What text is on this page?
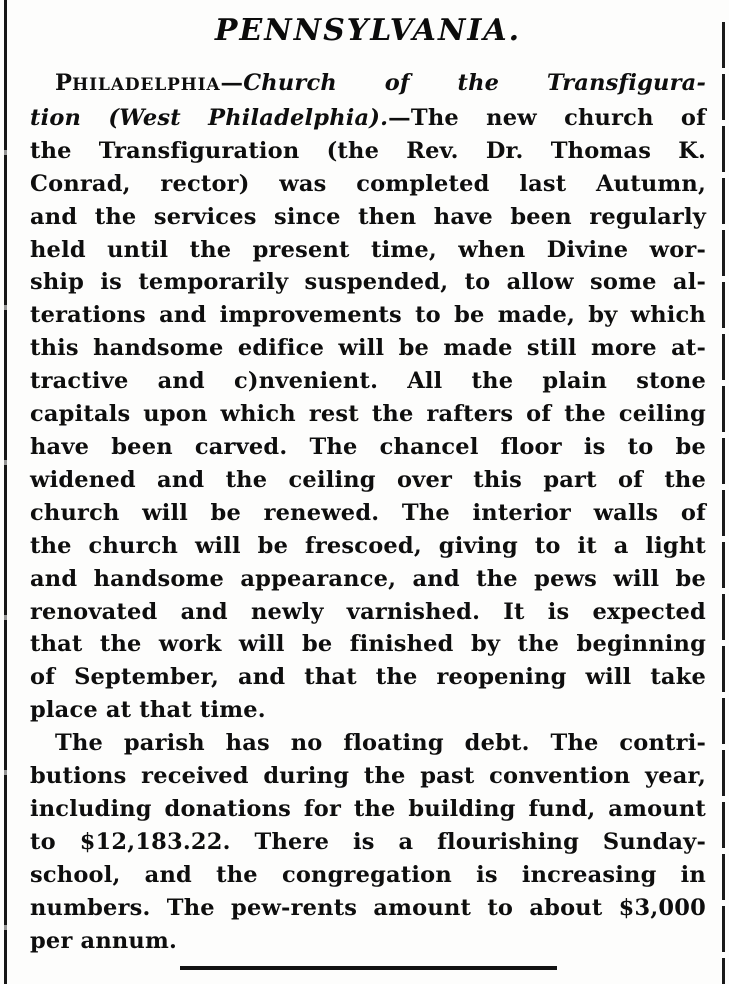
PENNSYLVANIA.
PHILADELPHIA—Church of the Transfigura-
tion (West Philadelphia).—The new church of
the Transfiguration (the Rev. Dr. Thomas K.
Conrad, rector) was completed last Autumn,
and the services since then have been regularly
held until the present time, when Divine wor-
ship is temporarily suspended, to allow some al-
terations and improvements to be made, by which
this handsome edifice will be made still more at-
tractive and c)nvenient. All the plain stone
capitals upon which rest the rafters of the ceiling
have been carved. The chancel floor is to be
widened and the ceiling over this part of the
church will be renewed. The interior walls of
the church will be frescoed, giving to it a light
and handsome appearance, and the pews will be
renovated and newly varnished. It is expected
that the work will be finished by the beginning
of September, and that the reopening will take
place at that time.
The parish has no floating debt. The contri-
butions received during the past convention year,
including donations for the building fund, amount
to $12,183.22. There is a flourishing Sunday-
school, and the congregation is increasing in
numbers. The pew-rents amount to about $3,000
per annum.
